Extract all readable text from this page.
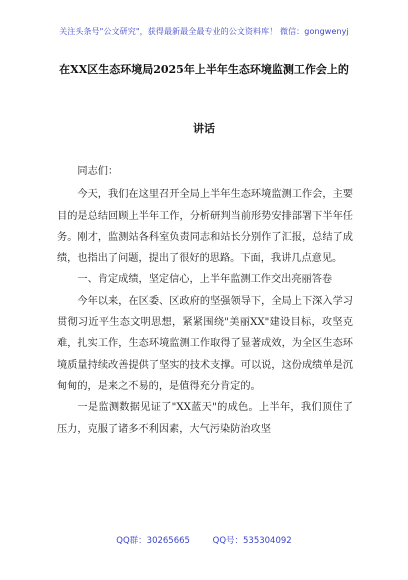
关注头条号"公文研究"，获得最新最全最专业的公文资料库！ 微信：gongwenyj
在XX区生态环境局2025年上半年生态环境监测工作会上的
讲话

同志们：

今天，我们在这里召开全局上半年生态环境监测工作会，主要目的是总结回顾上半年工作，分析研判当前形势安排部署下半年任务。刚才，监测站各科室负责同志和站长分别作了汇报，总结了成绩，也指出了问题，提出了很好的思路。下面，我讲几点意见。

一、肯定成绩，坚定信心，上半年监测工作交出亮丽答卷

今年以来，在区委、区政府的坚强领导下，全局上下深入学习贯彻习近平生态文明思想，紧紧围绕"美丽XX"建设目标，攻坚克难，扎实工作，生态环境监测工作取得了显著成效，为全区生态环境质量持续改善提供了坚实的技术支撑。可以说，这份成绩单是沉甸甸的，是来之不易的，是值得充分肯定的。

一是监测数据见证了"XX蓝天"的成色。上半年，我们顶住了压力，克服了诸多不利因素，大气污染防治攻坚

QQ群：30265665	QQ号：535304092
